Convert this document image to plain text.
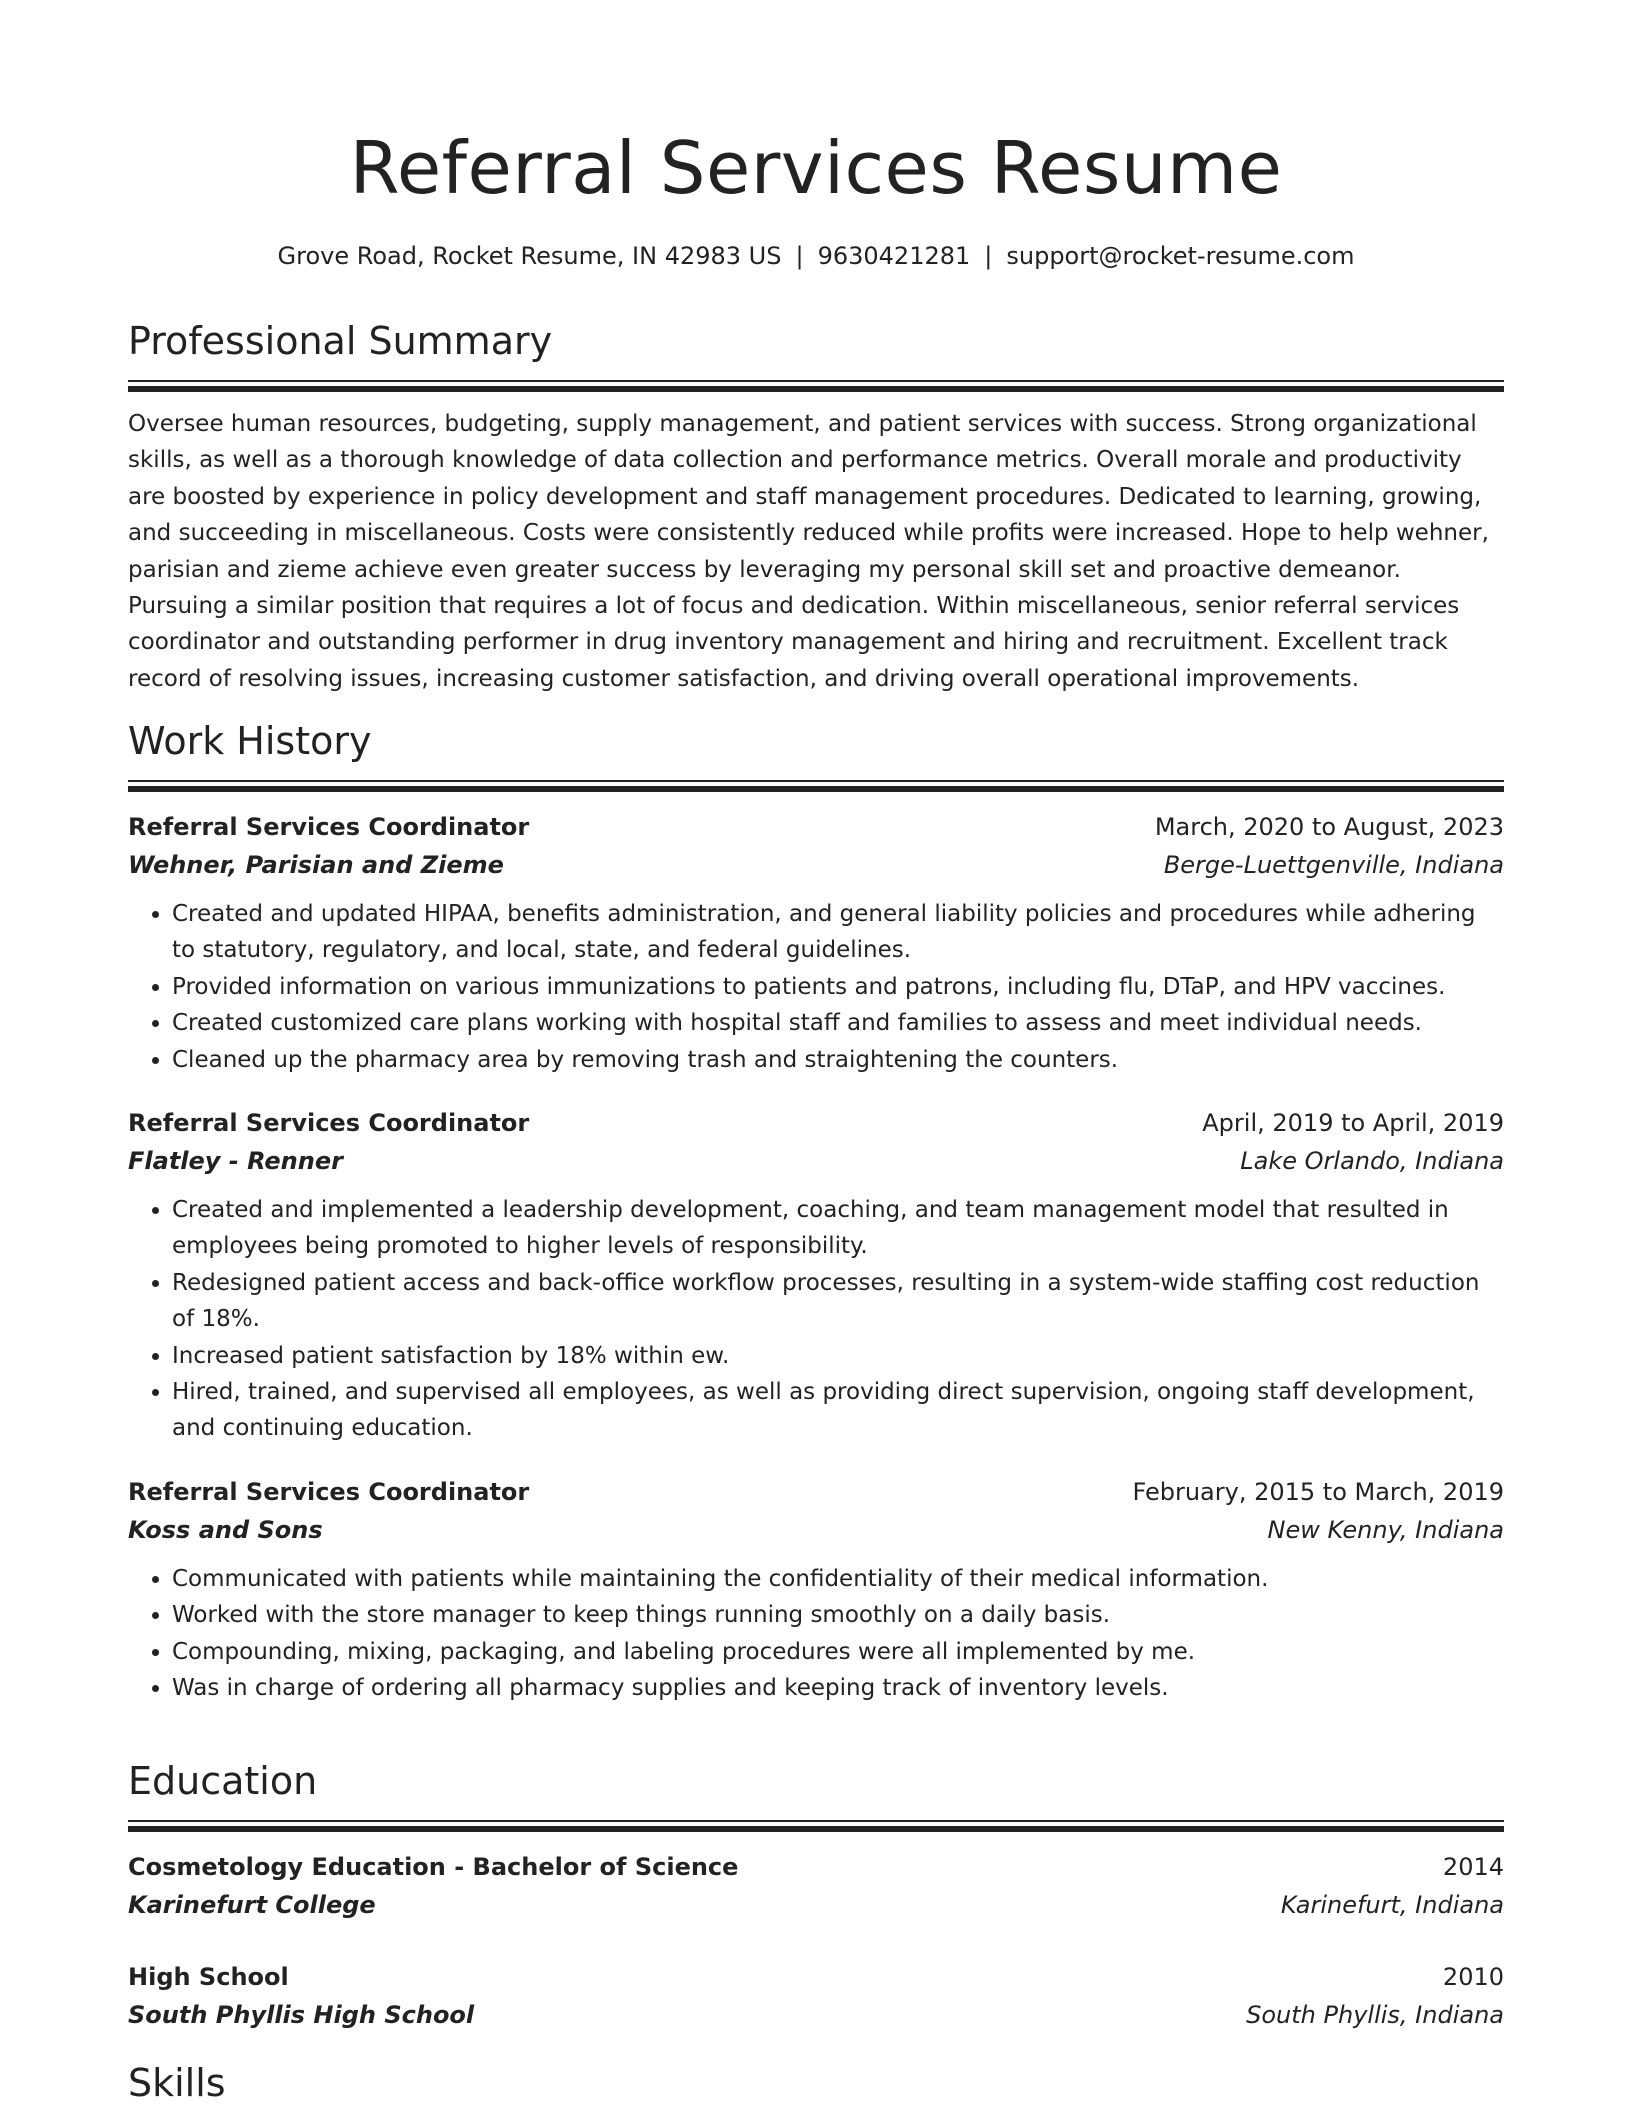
Referral Services Resume
Grove Road, Rocket Resume, IN 42983 US | 9630421281 | support@rocket-resume.com
Professional Summary
Oversee human resources, budgeting, supply management, and patient services with success. Strong organizational skills, as well as a thorough knowledge of data collection and performance metrics. Overall morale and productivity are boosted by experience in policy development and staff management procedures. Dedicated to learning, growing, and succeeding in miscellaneous. Costs were consistently reduced while profits were increased. Hope to help wehner, parisian and zieme achieve even greater success by leveraging my personal skill set and proactive demeanor. Pursuing a similar position that requires a lot of focus and dedication. Within miscellaneous, senior referral services coordinator and outstanding performer in drug inventory management and hiring and recruitment. Excellent track record of resolving issues, increasing customer satisfaction, and driving overall operational improvements.
Work History
Referral Services Coordinator	March, 2020 to August, 2023
Wehner, Parisian and Zieme	Berge-Luettgenville, Indiana
• Created and updated HIPAA, benefits administration, and general liability policies and procedures while adhering to statutory, regulatory, and local, state, and federal guidelines.
• Provided information on various immunizations to patients and patrons, including flu, DTaP, and HPV vaccines.
• Created customized care plans working with hospital staff and families to assess and meet individual needs.
• Cleaned up the pharmacy area by removing trash and straightening the counters.
Referral Services Coordinator	April, 2019 to April, 2019
Flatley - Renner	Lake Orlando, Indiana
• Created and implemented a leadership development, coaching, and team management model that resulted in employees being promoted to higher levels of responsibility.
• Redesigned patient access and back-office workflow processes, resulting in a system-wide staffing cost reduction of 18%.
• Increased patient satisfaction by 18% within ew.
• Hired, trained, and supervised all employees, as well as providing direct supervision, ongoing staff development, and continuing education.
Referral Services Coordinator	February, 2015 to March, 2019
Koss and Sons	New Kenny, Indiana
• Communicated with patients while maintaining the confidentiality of their medical information.
• Worked with the store manager to keep things running smoothly on a daily basis.
• Compounding, mixing, packaging, and labeling procedures were all implemented by me.
• Was in charge of ordering all pharmacy supplies and keeping track of inventory levels.
Education
Cosmetology Education - Bachelor of Science	2014
Karinefurt College	Karinefurt, Indiana
High School	2010
South Phyllis High School	South Phyllis, Indiana
Skills
